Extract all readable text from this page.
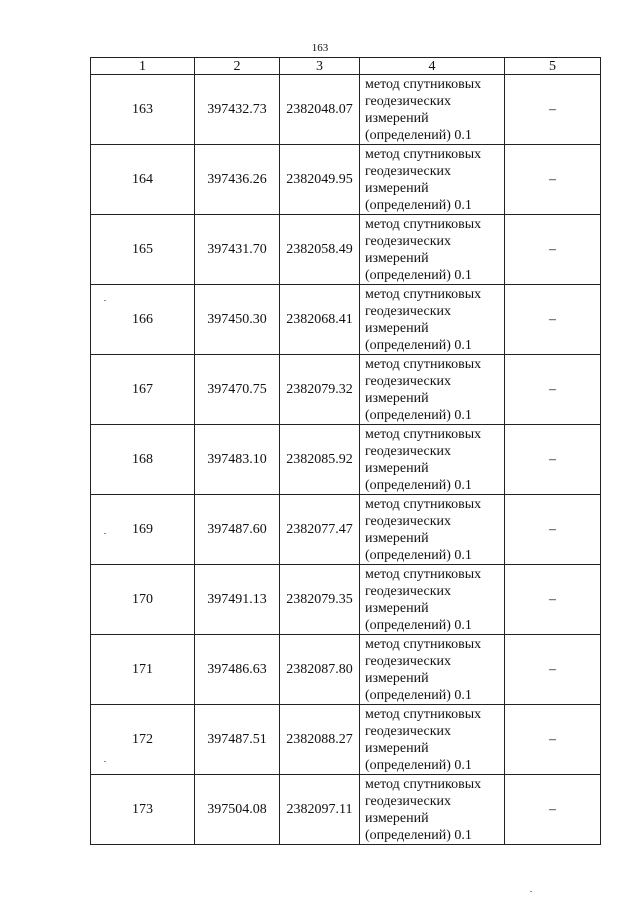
163
1	2	3	4	5
163	397432.73	2382048.07	метод спутниковых
геодезических
измерений
(определений) 0.1	–
164	397436.26	2382049.95	метод спутниковых
геодезических
измерений
(определений) 0.1	–
165	397431.70	2382058.49	метод спутниковых
геодезических
измерений
(определений) 0.1	–
166	397450.30	2382068.41	метод спутниковых
геодезических
измерений
(определений) 0.1	–
167	397470.75	2382079.32	метод спутниковых
геодезических
измерений
(определений) 0.1	–
168	397483.10	2382085.92	метод спутниковых
геодезических
измерений
(определений) 0.1	–
169	397487.60	2382077.47	метод спутниковых
геодезических
измерений
(определений) 0.1	–
170	397491.13	2382079.35	метод спутниковых
геодезических
измерений
(определений) 0.1	–
171	397486.63	2382087.80	метод спутниковых
геодезических
измерений
(определений) 0.1	–
172	397487.51	2382088.27	метод спутниковых
геодезических
измерений
(определений) 0.1	–
173	397504.08	2382097.11	метод спутниковых
геодезических
измерений
(определений) 0.1	–
